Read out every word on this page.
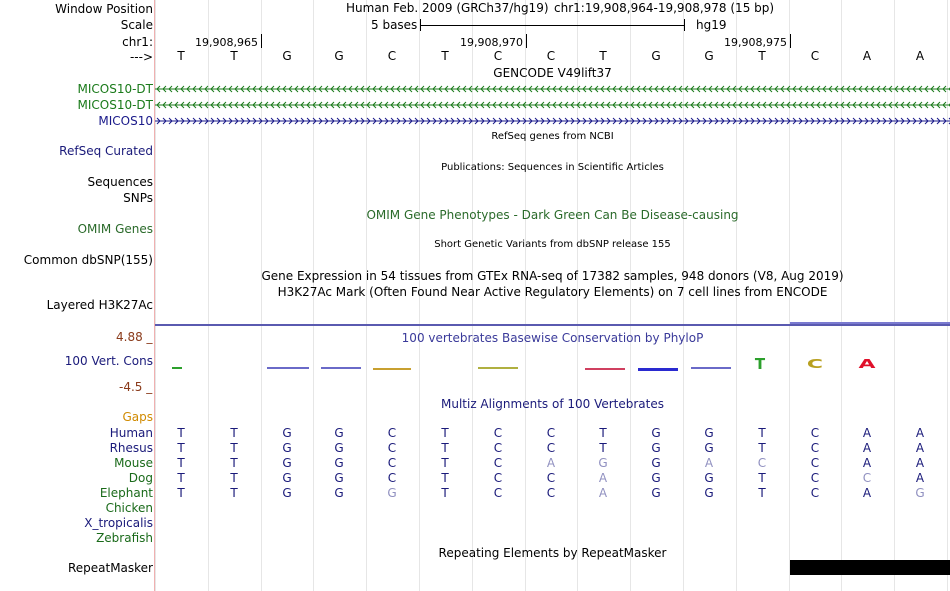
Window Position
Scale
chr1:
--->
Human Feb. 2009 (GRCh37/hg19) chr1:19,908,964-19,908,978 (15 bp)
5 bases	hg19
19,908,965	19,908,970	19,908,975
T	T	G	G	C	T	C	C	T	G	G	T	C	A	A
GENCODE V49lift37
MICOS10-DT
MICOS10-DT
MICOS10
RefSeq genes from NCBI
RefSeq Curated
Publications: Sequences in Scientific Articles
Sequences
SNPs
OMIM Gene Phenotypes - Dark Green Can Be Disease-causing
OMIM Genes
Short Genetic Variants from dbSNP release 155
Common dbSNP(155)
Gene Expression in 54 tissues from GTEx RNA-seq of 17382 samples, 948 donors (V8, Aug 2019)
H3K27Ac Mark (Often Found Near Active Regulatory Elements) on 7 cell lines from ENCODE
Layered H3K27Ac
100 vertebrates Basewise Conservation by PhyloP
4.88 _
100 Vert. Cons
-4.5 _
T C A
Multiz Alignments of 100 Vertebrates
Gaps
Human	T	T	G	G	C	T	C	C	T	G	G	T	C	A	A
Rhesus	T	T	G	G	C	T	C	C	T	G	G	T	C	A	A
Mouse	T	T	G	G	C	T	C	A	G	G	A	C	C	A	A
Dog	T	T	G	G	C	T	C	C	A	G	G	T	C	C	A
Elephant	T	T	G	G	G	T	C	C	A	G	G	T	C	A	G
Chicken
X_tropicalis
Zebrafish
Repeating Elements by RepeatMasker
RepeatMasker
